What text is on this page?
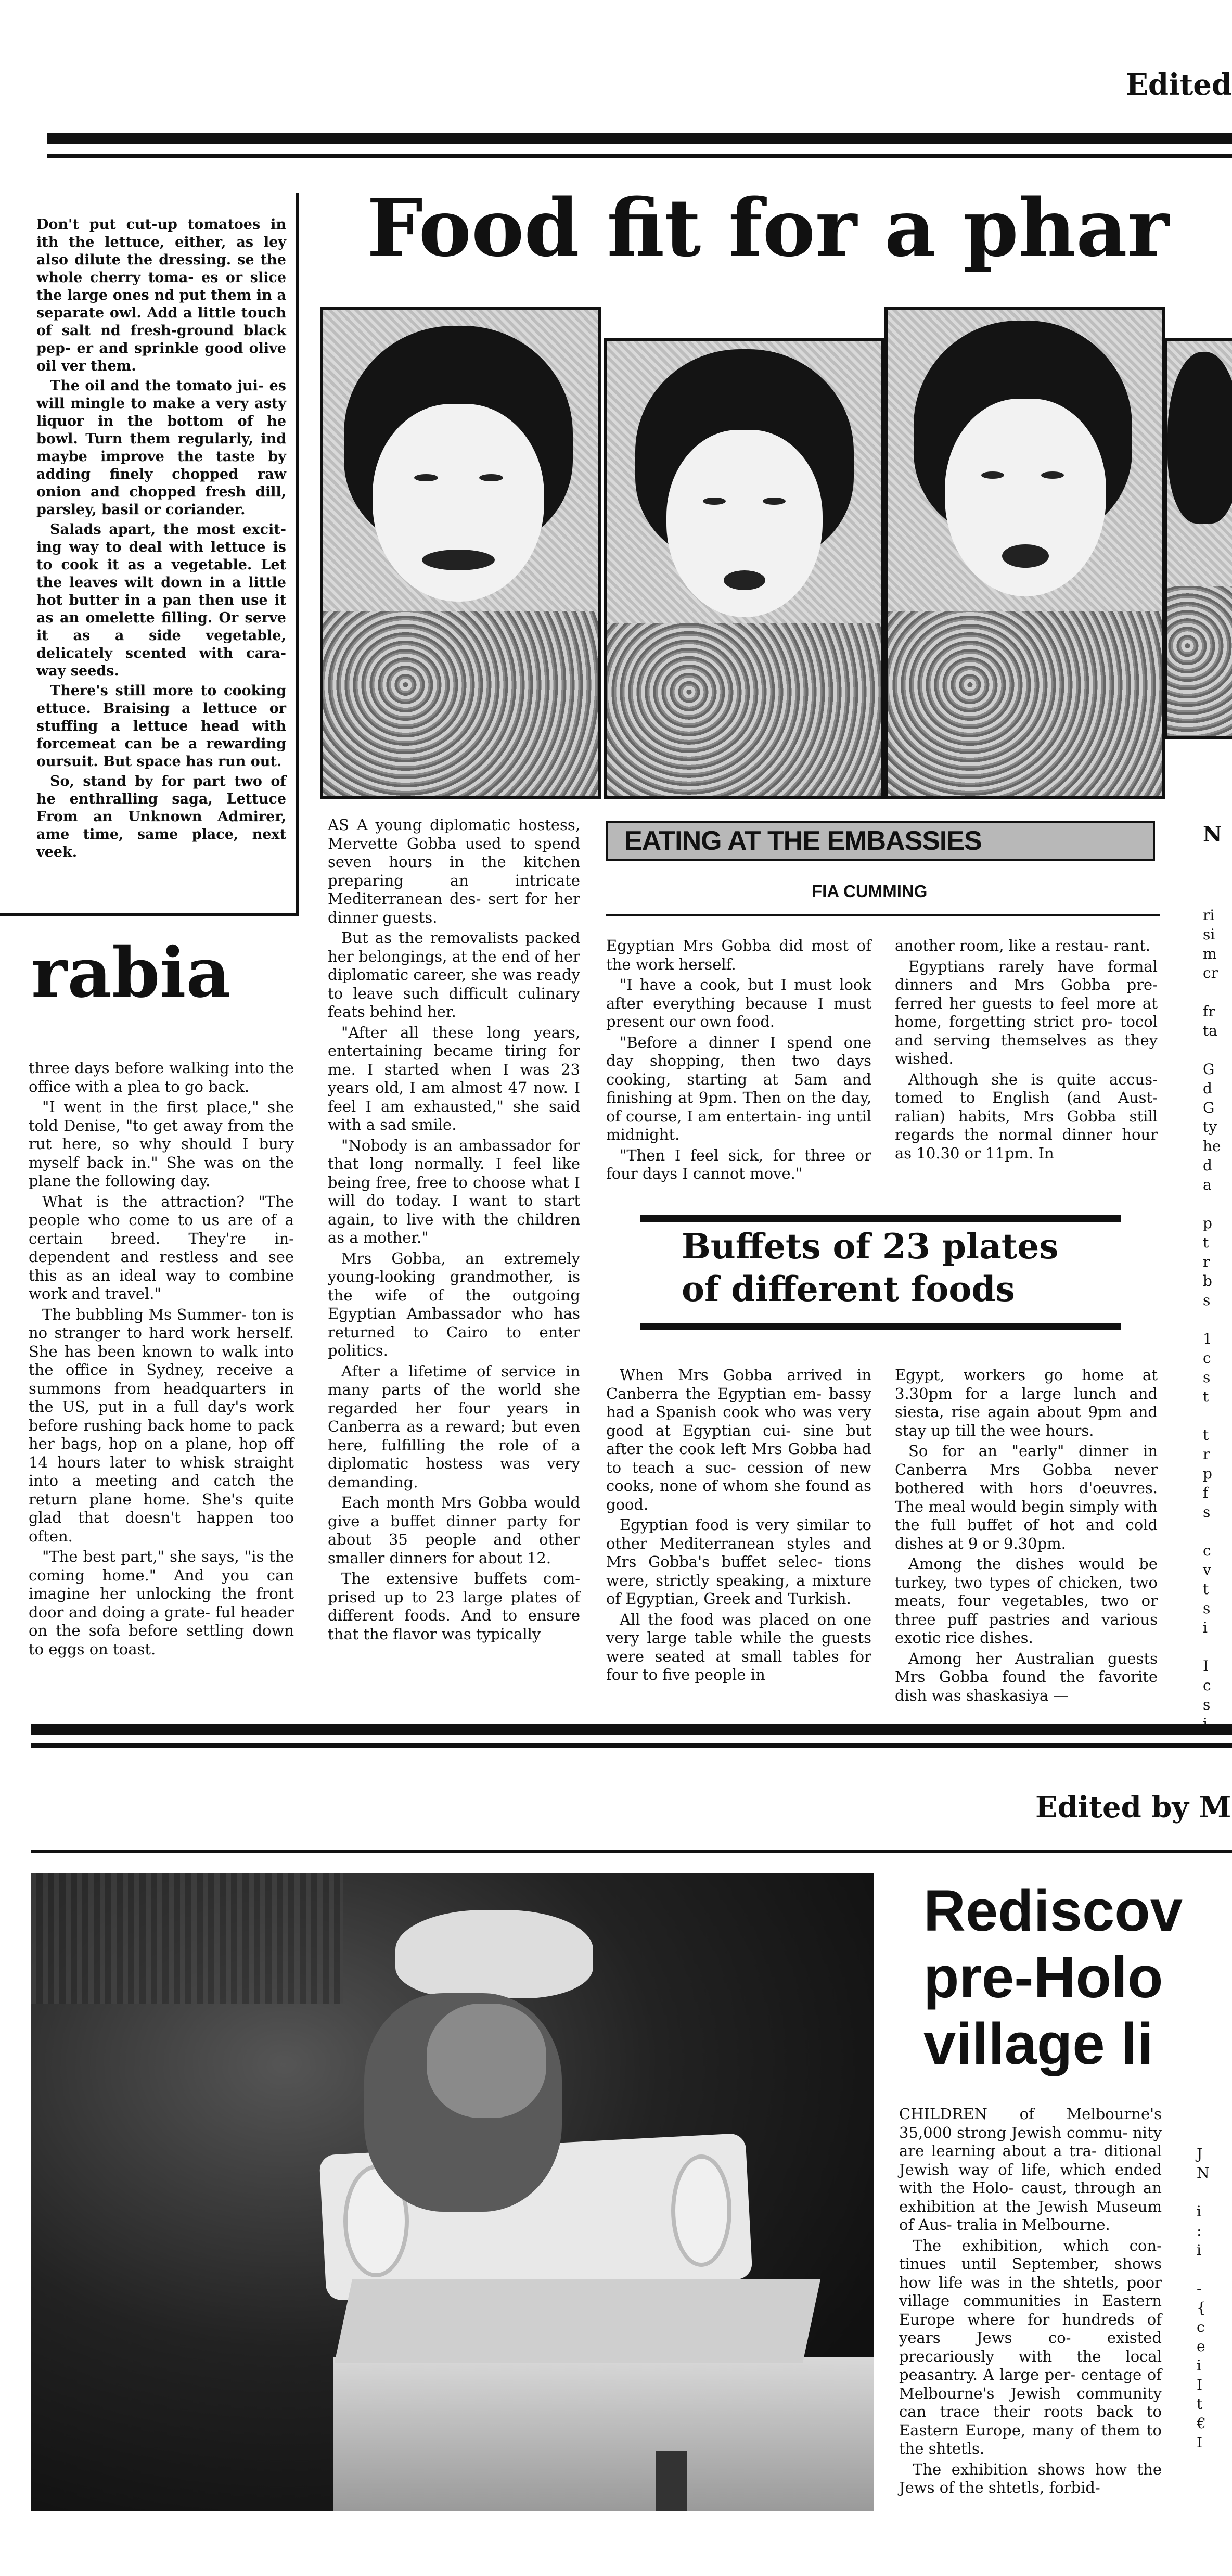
Edited

Don't put cut-up tomatoes in ith the lettuce, either, as ley also dilute the dressing. se the whole cherry toma- es or slice the large ones nd put them in a separate owl. Add a little touch of salt nd fresh-ground black pep- er and sprinkle good olive oil ver them.

The oil and the tomato jui- es will mingle to make a very asty liquor in the bottom of he bowl. Turn them regularly, ind maybe improve the taste by adding finely chopped raw onion and chopped fresh dill, parsley, basil or coriander.

Salads apart, the most excit- ing way to deal with lettuce is to cook it as a vegetable. Let the leaves wilt down in a little hot butter in a pan then use it as an omelette filling. Or serve it as a side vegetable, delicately scented with cara- way seeds.

There's still more to cooking ettuce. Braising a lettuce or stuffing a lettuce head with forcemeat can be a rewarding oursuit. But space has run out.

So, stand by for part two of he enthralling saga, Lettuce From an Unknown Admirer, ame time, same place, next veek.

rabia

three days before walking into the office with a plea to go back.

"I went in the first place," she told Denise, "to get away from the rut here, so why should I bury myself back in." She was on the plane the following day.

What is the attraction? "The people who come to us are of a certain breed. They're in- dependent and restless and see this as an ideal way to combine work and travel."

The bubbling Ms Summer- ton is no stranger to hard work herself. She has been known to walk into the office in Sydney, receive a summons from headquarters in the US, put in a full day's work before rushing back home to pack her bags, hop on a plane, hop off 14 hours later to whisk straight into a meeting and catch the return plane home. She's quite glad that doesn't happen too often.

"The best part," she says, "is the coming home." And you can imagine her unlocking the front door and doing a grate- ful header on the sofa before settling down to eggs on toast.

Food fit for a phar
EATING AT THE EMBASSIES
FIA CUMMING
N

AS A young diplomatic hostess, Mervette Gobba used to spend seven hours in the kitchen preparing an intricate Mediterranean des- sert for her dinner guests.

But as the removalists packed her belongings, at the end of her diplomatic career, she was ready to leave such difficult culinary feats behind her.

"After all these long years, entertaining became tiring for me. I started when I was 23 years old, I am almost 47 now. I feel I am exhausted," she said with a sad smile.

"Nobody is an ambassador for that long normally. I feel like being free, free to choose what I will do today. I want to start again, to live with the children as a mother."

Mrs Gobba, an extremely young-looking grandmother, is the wife of the outgoing Egyptian Ambassador who has returned to Cairo to enter politics.

After a lifetime of service in many parts of the world she regarded her four years in Canberra as a reward; but even here, fulfilling the role of a diplomatic hostess was very demanding.

Each month Mrs Gobba would give a buffet dinner party for about 35 people and other smaller dinners for about 12.

The extensive buffets com- prised up to 23 large plates of different foods. And to ensure that the flavor was typically

Egyptian Mrs Gobba did most of the work herself.

"I have a cook, but I must look after everything because I must present our own food.

"Before a dinner I spend one day shopping, then two days cooking, starting at 5am and finishing at 9pm. Then on the day, of course, I am entertain- ing until midnight.

"Then I feel sick, for three or four days I cannot move."

another room, like a restau- rant.

Egyptians rarely have formal dinners and Mrs Gobba pre- ferred her guests to feel more at home, forgetting strict pro- tocol and serving themselves as they wished.

Although she is quite accus- tomed to English (and Aust- ralian) habits, Mrs Gobba still regards the normal dinner hour as 10.30 or 11pm. In

Buffets of 23 plates
of different foods

When Mrs Gobba arrived in Canberra the Egyptian em- bassy had a Spanish cook who was very good at Egyptian cui- sine but after the cook left Mrs Gobba had to teach a suc- cession of new cooks, none of whom she found as good.

Egyptian food is very similar to other Mediterranean styles and Mrs Gobba's buffet selec- tions were, strictly speaking, a mixture of Egyptian, Greek and Turkish.

All the food was placed on one very large table while the guests were seated at small tables for four to five people in

Egypt, workers go home at 3.30pm for a large lunch and siesta, rise again about 9pm and stay up till the wee hours.

So for an "early" dinner in Canberra Mrs Gobba never bothered with hors d'oeuvres. The meal would begin simply with the full buffet of hot and cold dishes at 9 or 9.30pm.

Among the dishes would be turkey, two types of chicken, two meats, four vegetables, two or three puff pastries and various exotic rice dishes.

Among her Australian guests Mrs Gobba found the favorite dish was shaskasiya —

ri
si
m
cr

fr
ta

G
d
G
ty
he
d
a

p
t
r
b
s

1
c
s
t

t
r
p
f
s

c
v
t
s
i

I
c
s
Edited by M
Rediscov
pre-Holo
village li

CHILDREN of Melbourne's 35,000 strong Jewish commu- nity are learning about a tra- ditional Jewish way of life, which ended with the Holo- caust, through an exhibition at the Jewish Museum of Aus- tralia in Melbourne.

The exhibition, which con- tinues until September, shows how life was in the shtetls, poor village communities in Eastern Europe where for hundreds of years Jews co- existed precariously with the local peasantry. A large per- centage of Melbourne's Jewish community can trace their roots back to Eastern Europe, many of them to the shtetls.

The exhibition shows how the Jews of the shtetls, forbid-

J
N

i
:
i

-
{
c
e
i
I
t
€
I
